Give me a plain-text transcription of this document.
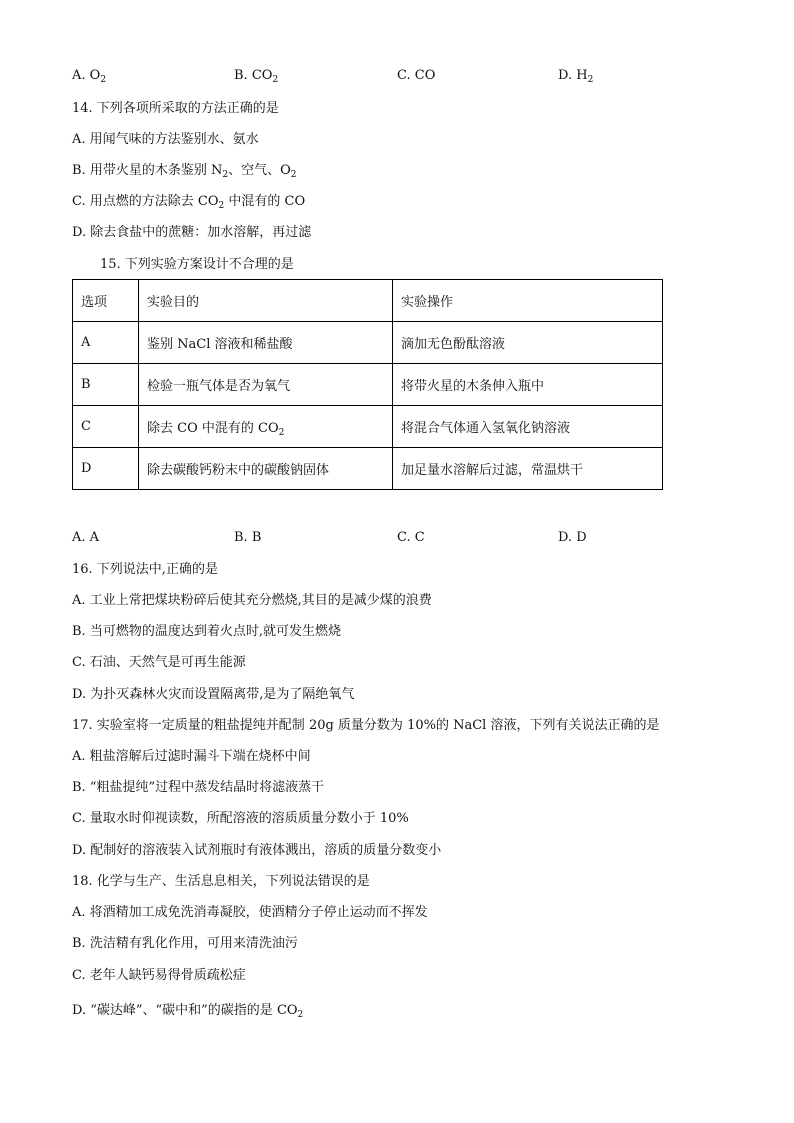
A. $O_2$	B. $CO_2$	C. CO	D. $H_2$
14. 下列各项所采取的方法正确的是
A. 用闻气味的方法鉴别水、氨水
B. 用带火星的木条鉴别 $N_2$、空气、$O_2$
C. 用点燃的方法除去 $CO_2$ 中混有的 CO
D. 除去食盐中的蔗糖：加水溶解，再过滤
15. 下列实验方案设计不合理的是
选项	实验目的	实验操作
A	鉴别 NaCl 溶液和稀盐酸	滴加无色酚酞溶液
B	检验一瓶气体是否为氧气	将带火星的木条伸入瓶中
C	除去 CO 中混有的 $CO_2$	将混合气体通入氢氧化钠溶液
D	除去碳酸钙粉末中的碳酸钠固体	加足量水溶解后过滤，常温烘干
A. A	B. B	C. C	D. D
16. 下列说法中,正确的是
A. 工业上常把煤块粉碎后使其充分燃烧,其目的是减少煤的浪费
B. 当可燃物的温度达到着火点时,就可发生燃烧
C. 石油、天然气是可再生能源
D. 为扑灭森林火灾而设置隔离带,是为了隔绝氧气
17. 实验室将一定质量的粗盐提纯并配制 20g 质量分数为 10%的 NaCl 溶液，下列有关说法正确的是
A. 粗盐溶解后过滤时漏斗下端在烧杯中间
B. “粗盐提纯”过程中蒸发结晶时将滤液蒸干
C. 量取水时仰视读数，所配溶液的溶质质量分数小于 10%
D. 配制好的溶液装入试剂瓶时有液体溅出，溶质的质量分数变小
18. 化学与生产、生活息息相关，下列说法错误的是
A. 将酒精加工成免洗消毒凝胶，使酒精分子停止运动而不挥发
B. 洗洁精有乳化作用，可用来清洗油污
C. 老年人缺钙易得骨质疏松症
D. “碳达峰”、“碳中和”的碳指的是 $CO_2$
